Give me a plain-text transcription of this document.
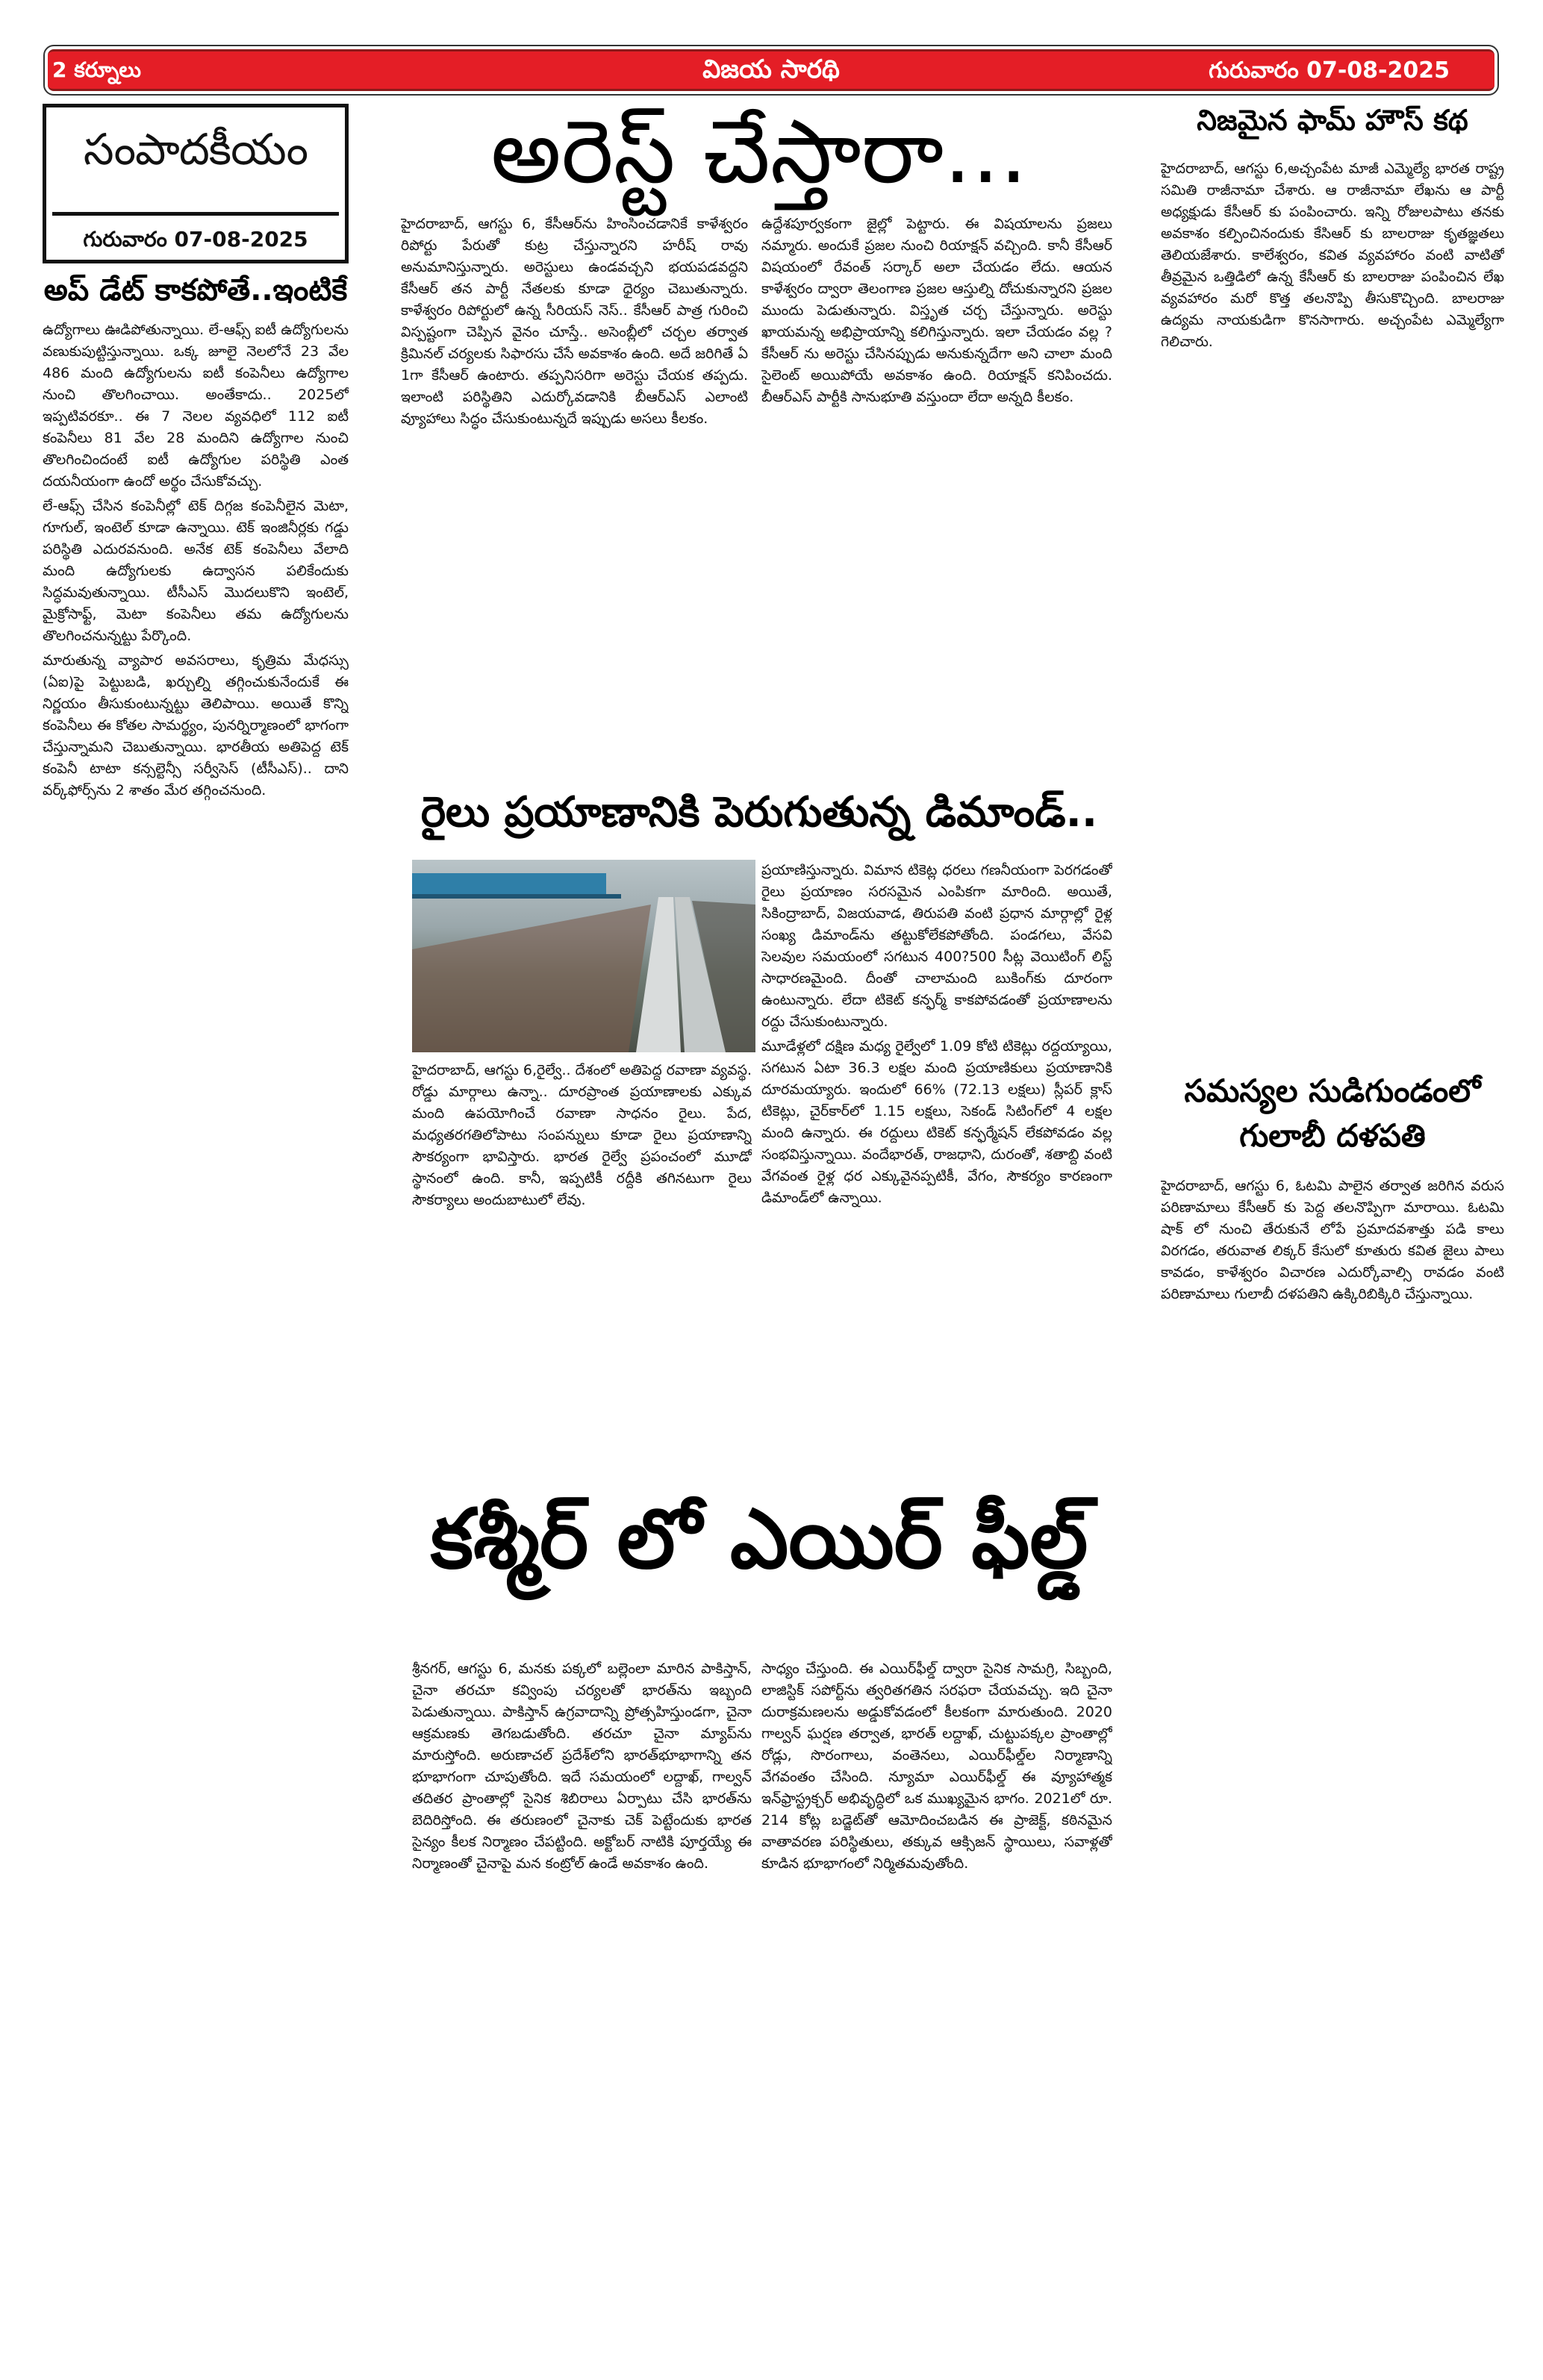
2 కర్నూలు	విజయ సారథి	గురువారం 07-08-2025
సంపాదకీయం
గురువారం 07-08-2025
అప్ డేట్ కాకపోతే..ఇంటికే

ఉద్యోగాలు ఊడిపోతున్నాయి. లే-ఆఫ్స్ ఐటీ ఉద్యోగులను వణుకుపుట్టిస్తున్నాయి. ఒక్క జూలై నెలలోనే 23 వేల 486 మంది ఉద్యోగులను ఐటీ కంపెనీలు ఉద్యోగాల నుంచి తొలగించాయి. అంతేకాదు.. 2025లో ఇప్పటివరకూ.. ఈ 7 నెలల వ్యవధిలో 112 ఐటీ కంపెనీలు 81 వేల 28 మందిని ఉద్యోగాల నుంచి తొలగించిందంటే ఐటీ ఉద్యోగుల పరిస్థితి ఎంత దయనీయంగా ఉందో అర్థం చేసుకోవచ్చు.

లే-ఆఫ్స్ చేసిన కంపెనీల్లో టెక్ దిగ్గజ కంపెనీలైన మెటా, గూగుల్, ఇంటెల్ కూడా ఉన్నాయి. టెక్ ఇంజినీర్లకు గడ్డు పరిస్థితి ఎదురవనుంది. అనేక టెక్ కంపెనీలు వేలాది మంది ఉద్యోగులకు ఉద్వాసన పలికేందుకు సిద్ధమవుతున్నాయి. టీసీఎస్ మొదలుకొని ఇంటెల్, మైక్రోసాఫ్ట్, మెటా కంపెనీలు తమ ఉద్యోగులను తొలగించనున్నట్టు పేర్కొంది.

మారుతున్న వ్యాపార అవసరాలు, కృత్రిమ మేధస్సు (ఏఐ)పై పెట్టుబడి, ఖర్చుల్ని తగ్గించుకునేందుకే ఈ నిర్ణయం తీసుకుంటున్నట్టు తెలిపాయి. అయితే కొన్ని కంపెనీలు ఈ కోతల సామర్థ్యం, పునర్నిర్మాణంలో భాగంగా చేస్తున్నామని చెబుతున్నాయి. భారతీయ అతిపెద్ద టెక్ కంపెనీ టాటా కన్సల్టెన్సీ సర్వీసెస్ (టీసీఎస్).. దాని వర్క్‌ఫోర్స్‌ను 2 శాతం మేర తగ్గించనుంది.

అరెస్ట్ చేస్తారా...

హైదరాబాద్, ఆగస్టు 6, కేసీఆర్‌ను హింసించడానికే కాళేశ్వరం రిపోర్టు పేరుతో కుట్ర చేస్తున్నారని హరీష్ రావు అనుమానిస్తున్నారు. అరెస్టులు ఉండవచ్చని భయపడవద్దని కేసీఆర్ తన పార్టీ నేతలకు కూడా ధైర్యం చెబుతున్నారు. కాళేశ్వరం రిపోర్టులో ఉన్న సీరియస్ నెస్.. కేసీఆర్ పాత్ర గురించి విస్పష్టంగా చెప్పిన వైనం చూస్తే.. అసెంబ్లీలో చర్చల తర్వాత క్రిమినల్ చర్యలకు సిఫారసు చేసే అవకాశం ఉంది. అదే జరిగితే ఏ 1గా కేసీఆర్ ఉంటారు. తప్పనిసరిగా అరెస్టు చేయక తప్పదు. ఇలాంటి పరిస్థితిని ఎదుర్కోవడానికి బీఆర్ఎస్ ఎలాంటి వ్యూహాలు సిద్ధం చేసుకుంటున్నదే ఇప్పుడు అసలు కీలకం.

ఉద్దేశపూర్వకంగా జైల్లో పెట్టారు. ఈ విషయాలను ప్రజలు నమ్మారు. అందుకే ప్రజల నుంచి రియాక్షన్ వచ్చింది. కానీ కేసీఆర్ విషయంలో రేవంత్ సర్కార్ అలా చేయడం లేదు. ఆయన కాళేశ్వరం ద్వారా తెలంగాణ ప్రజల ఆస్తుల్ని దోచుకున్నారని ప్రజల ముందు పెడుతున్నారు. విస్తృత చర్చ చేస్తున్నారు. అరెస్టు ఖాయమన్న అభిప్రాయాన్ని కలిగిస్తున్నారు. ఇలా చేయడం వల్ల ?కేసీఆర్ ను అరెస్టు చేసినప్పుడు అనుకున్నదేగా అని చాలా మంది సైలెంట్ అయిపోయే అవకాశం ఉంది. రియాక్షన్ కనిపించదు. బీఆర్ఎస్ పార్టీకి సానుభూతి వస్తుందా లేదా అన్నది కీలకం.

నిజమైన ఫామ్ హౌస్ కథ

హైదరాబాద్, ఆగస్టు 6,అచ్చంపేట మాజీ ఎమ్మెల్యే భారత రాష్ట్ర సమితి రాజీనామా చేశారు. ఆ రాజీనామా లేఖను ఆ పార్టీ అధ్యక్షుడు కేసీఆర్ కు పంపించారు. ఇన్ని రోజులపాటు తనకు అవకాశం కల్పించినందుకు కేసిఆర్ కు బాలరాజు కృతజ్ఞతలు తెలియజేశారు. కాలేశ్వరం, కవిత వ్యవహారం వంటి వాటితో తీవ్రమైన ఒత్తిడిలో ఉన్న కేసీఆర్ కు బాలరాజు పంపించిన లేఖ వ్యవహారం మరో కొత్త తలనొప్పి తీసుకొచ్చింది. బాలరాజు ఉద్యమ నాయకుడిగా కొనసాగారు. అచ్చంపేట ఎమ్మెల్యేగా గెలిచారు.

సమస్యల సుడిగుండంలో
గులాబీ దళపతి

హైదరాబాద్, ఆగస్టు 6, ఓటమి పాలైన తర్వాత జరిగిన వరుస పరిణామాలు కేసీఆర్ కు పెద్ద తలనొప్పిగా మారాయి. ఓటమి షాక్ లో నుంచి తేరుకునే లోపే ప్రమాదవశాత్తు పడి కాలు విరగడం, తరువాత లిక్కర్ కేసులో కూతురు కవిత జైలు పాలు కావడం, కాళేశ్వరం విచారణ ఎదుర్కోవాల్సి రావడం వంటి పరిణామాలు గులాబీ దళపతిని ఉక్కిరిబిక్కిరి చేస్తున్నాయి.

రైలు ప్రయాణానికి పెరుగుతున్న డిమాండ్..

హైదరాబాద్, ఆగస్టు 6,రైల్వే.. దేశంలో అతిపెద్ద రవాణా వ్యవస్థ. రోడ్డు మార్గాలు ఉన్నా.. దూరప్రాంత ప్రయాణాలకు ఎక్కువ మంది ఉపయోగించే రవాణా సాధనం రైలు. పేద, మధ్యతరగతిలోపాటు సంపన్నులు కూడా రైలు ప్రయాణాన్ని సౌకర్యంగా భావిస్తారు. భారత రైల్వే ప్రపంచంలో మూడో స్థానంలో ఉంది. కానీ, ఇప్పటికీ రద్దీకి తగినటుగా రైలు సౌకర్యాలు అందుబాటులో లేవు.

ప్రయాణిస్తున్నారు. విమాన టికెట్ల ధరలు గణనీయంగా పెరగడంతో రైలు ప్రయాణం సరసమైన ఎంపికగా మారింది. అయితే, సికింద్రాబాద్, విజయవాడ, తిరుపతి వంటి ప్రధాన మార్గాల్లో రైళ్ల సంఖ్య డిమాండ్‌ను తట్టుకోలేకపోతోంది. పండగలు, వేసవి సెలవుల సమయంలో సగటున 400?500 సీట్ల వెయిటింగ్ లిస్ట్ సాధారణమైంది. దీంతో చాలామంది బుకింగ్‌కు దూరంగా ఉంటున్నారు. లేదా టికెట్ కన్ఫర్మ్ కాకపోవడంతో ప్రయాణాలను రద్దు చేసుకుంటున్నారు.

మూడేళ్లలో దక్షిణ మధ్య రైల్వేలో 1.09 కోటి టికెట్లు రద్దయ్యాయి, సగటున ఏటా 36.3 లక్షల మంది ప్రయాణికులు ప్రయాణానికి దూరమయ్యారు. ఇందులో 66% (72.13 లక్షలు) స్లీపర్ క్లాస్ టికెట్లు, చైర్‌కార్‌లో 1.15 లక్షలు, సెకండ్ సిటింగ్‌లో 4 లక్షల మంది ఉన్నారు. ఈ రద్దులు టికెట్ కన్ఫర్మేషన్ లేకపోవడం వల్ల సంభవిస్తున్నాయి. వందేభారత్, రాజధాని, దురంతో, శతాబ్ది వంటి వేగవంత రైళ్ల ధర ఎక్కువైనప్పటికీ, వేగం, సౌకర్యం కారణంగా డిమాండ్‌లో ఉన్నాయి.

కశ్మీర్ లో ఎయిర్ ఫీల్డ్

శ్రీనగర్, ఆగస్టు 6, మనకు పక్కలో బల్లెంలా మారిన పాకిస్తాన్, చైనా తరచూ కవ్వింపు చర్యలతో భారత్‌ను ఇబ్బంది పెడుతున్నాయి. పాకిస్తాన్ ఉగ్రవాదాన్ని ప్రోత్సహిస్తుండగా, చైనా ఆక్రమణకు తెగబడుతోంది. తరచూ చైనా మ్యాప్‌ను మారుస్తోంది. అరుణాచల్ ప్రదేశ్‌లోని భారత్‌భూభాగాన్ని తన భూభాగంగా చూపుతోంది. ఇదే సమయంలో లద్దాఖ్, గాల్వన్ తదితర ప్రాంతాల్లో సైనిక శిబిరాలు ఏర్పాటు చేసి భారత్‌ను బెదిరిస్తోంది. ఈ తరుణంలో చైనాకు చెక్ పెట్టేందుకు భారత సైన్యం కీలక నిర్మాణం చేపట్టింది. అక్టోబర్ నాటికి పూర్తయ్యే ఈ నిర్మాణంతో చైనాపై మన కంట్రోల్ ఉండే అవకాశం ఉంది.

సాధ్యం చేస్తుంది. ఈ ఎయిర్‌ఫీల్డ్ ద్వారా సైనిక సామగ్రి, సిబ్బంది, లాజిస్టిక్ సపోర్ట్‌ను త్వరితగతిన సరఫరా చేయవచ్చు. ఇది చైనా దురాక్రమణలను అడ్డుకోవడంలో కీలకంగా మారుతుంది. 2020 గాల్వన్ ఘర్షణ తర్వాత, భారత్ లద్దాఖ్, చుట్టుపక్కల ప్రాంతాల్లో రోడ్లు, సొరంగాలు, వంతెనలు, ఎయిర్‌ఫీల్డ్‌ల నిర్మాణాన్ని వేగవంతం చేసింది. న్యూమా ఎయిర్‌ఫీల్డ్ ఈ వ్యూహాత్మక ఇన్‌ఫ్రాస్ట్రక్చర్ అభివృద్ధిలో ఒక ముఖ్యమైన భాగం. 2021లో రూ. 214 కోట్ల బడ్జెట్‌తో ఆమోదించబడిన ఈ ప్రాజెక్ట్, కఠినమైన వాతావరణ పరిస్థితులు, తక్కువ ఆక్సిజన్ స్థాయిలు, సవాళ్లతో కూడిన భూభాగంలో నిర్మితమవుతోంది.
